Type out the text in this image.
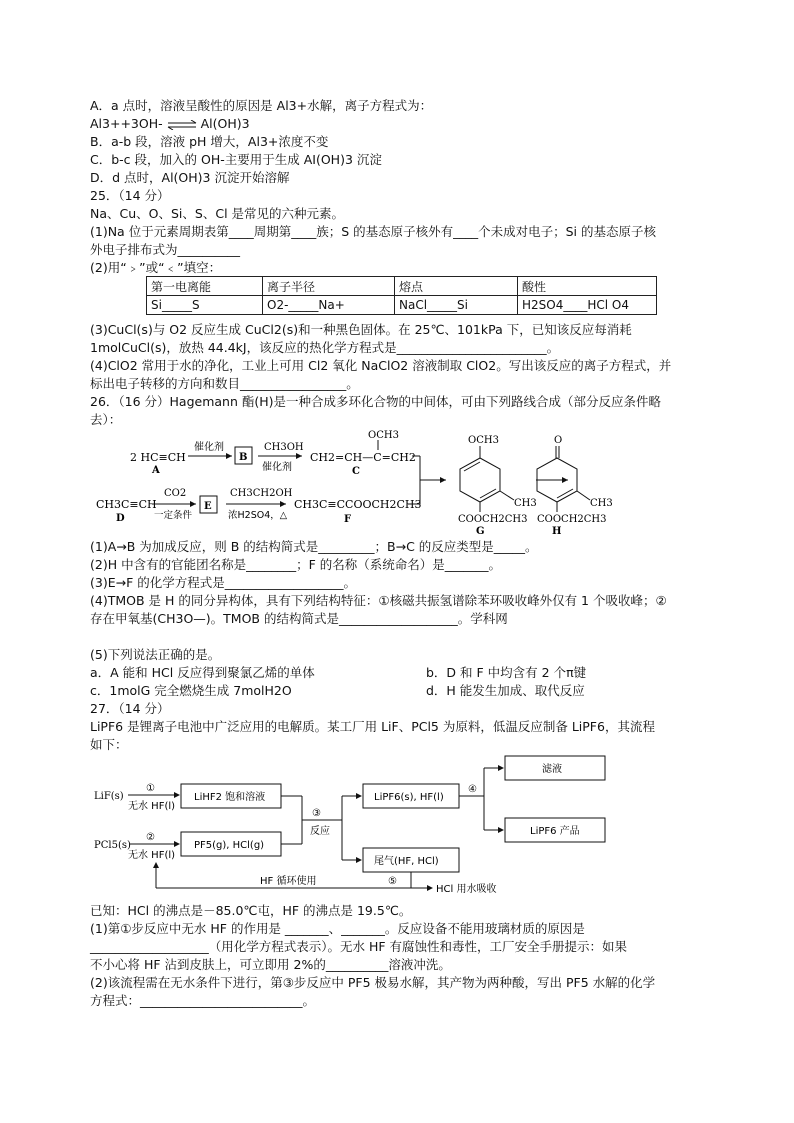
A．a 点时，溶液呈酸性的原因是 Al3+水解，离子方程式为：
Al3++3OH- ⇌ Al(OH)3
B．a-b 段，溶液 pH 增大，Al3+浓度不变
C．b-c 段，加入的 OH-主要用于生成 AI(OH)3 沉淀
D．d 点时，Al(OH)3 沉淀开始溶解
25．（14 分）
Na、Cu、O、Si、S、Cl 是常见的六种元素。
(1)Na 位于元素周期表第____周期第____族；S 的基态原子核外有____个未成对电子；Si 的基态原子核
外电子排布式为__________
(2)用“﹥”或“﹤”填空：
第一电离能	离子半径	熔点	酸性
Si_____S	O2-_____Na+	NaCl_____Si	H2SO4____HCl O4
(3)CuCl(s)与 O2 反应生成 CuCl2(s)和一种黑色固体。在 25℃、101kPa 下，已知该反应每消耗
1molCuCl(s)，放热 44.4kJ，该反应的热化学方程式是________________________。
(4)ClO2 常用于水的净化，工业上可用 Cl2 氧化 NaClO2 溶液制取 ClO2。写出该反应的离子方程式，并
标出电子转移的方向和数目_________________。
26．（16 分）Hagemann 酯(H)是一种合成多环化合物的中间体，可由下列路线合成（部分反应条件略
去）：
2 HC≡CH
A
催化剂
B
CH3OH
催化剂
OCH3
CH2=CH—C=CH2
C
CH3C≡CH
D
CO2
一定条件
E
CH3CH2OH
浓H2SO4，△
CH3C≡CCOOCH2CH3
F
OCH3
CH3
COOCH2CH3
G
O
CH3
COOCH2CH3
H
(1)A→B 为加成反应，则 B 的结构简式是_________；B→C 的反应类型是_____。
(2)H 中含有的官能团名称是________；F 的名称（系统命名）是_______。
(3)E→F 的化学方程式是___________________。
(4)TMOB 是 H 的同分异构体，具有下列结构特征：①核磁共振氢谱除苯环吸收峰外仅有 1 个吸收峰；②
存在甲氧基(CH3O—)。TMOB 的结构简式是___________________。学科网
(5)下列说法正确的是。
a．A 能和 HCl 反应得到聚氯乙烯的单体	b．D 和 F 中均含有 2 个π键
c．1molG 完全燃烧生成 7molH2O	d．H 能发生加成、取代反应
27．（14 分）
LiPF6 是锂离子电池中广泛应用的电解质。某工厂用 LiF、PCl5 为原料，低温反应制备 LiPF6，其流程
如下：
LiF(s)
①
无水 HF(l)
LiHF2 饱和溶液
PCl5(s)
②
无水 HF(l)
PF5(g), HCl(g)
③
反应
LiPF6(s), HF(l)
尾气(HF, HCl)
④
滤液
LiPF6 产品
⑤
HF 循环使用
HCl 用水吸收
已知：HCl 的沸点是－85.0℃屯，HF 的沸点是 19.5℃。
(1)第①步反应中无水 HF 的作用是 _______、_______。反应设备不能用玻璃材质的原因是
___________________（用化学方程式表示）。无水 HF 有腐蚀性和毒性，工厂安全手册提示：如果
不小心将 HF 沾到皮肤上，可立即用 2%的__________溶液冲洗。
(2)该流程需在无水条件下进行，第③步反应中 PF5 极易水解，其产物为两种酸，写出 PF5 水解的化学
方程式：__________________________。
